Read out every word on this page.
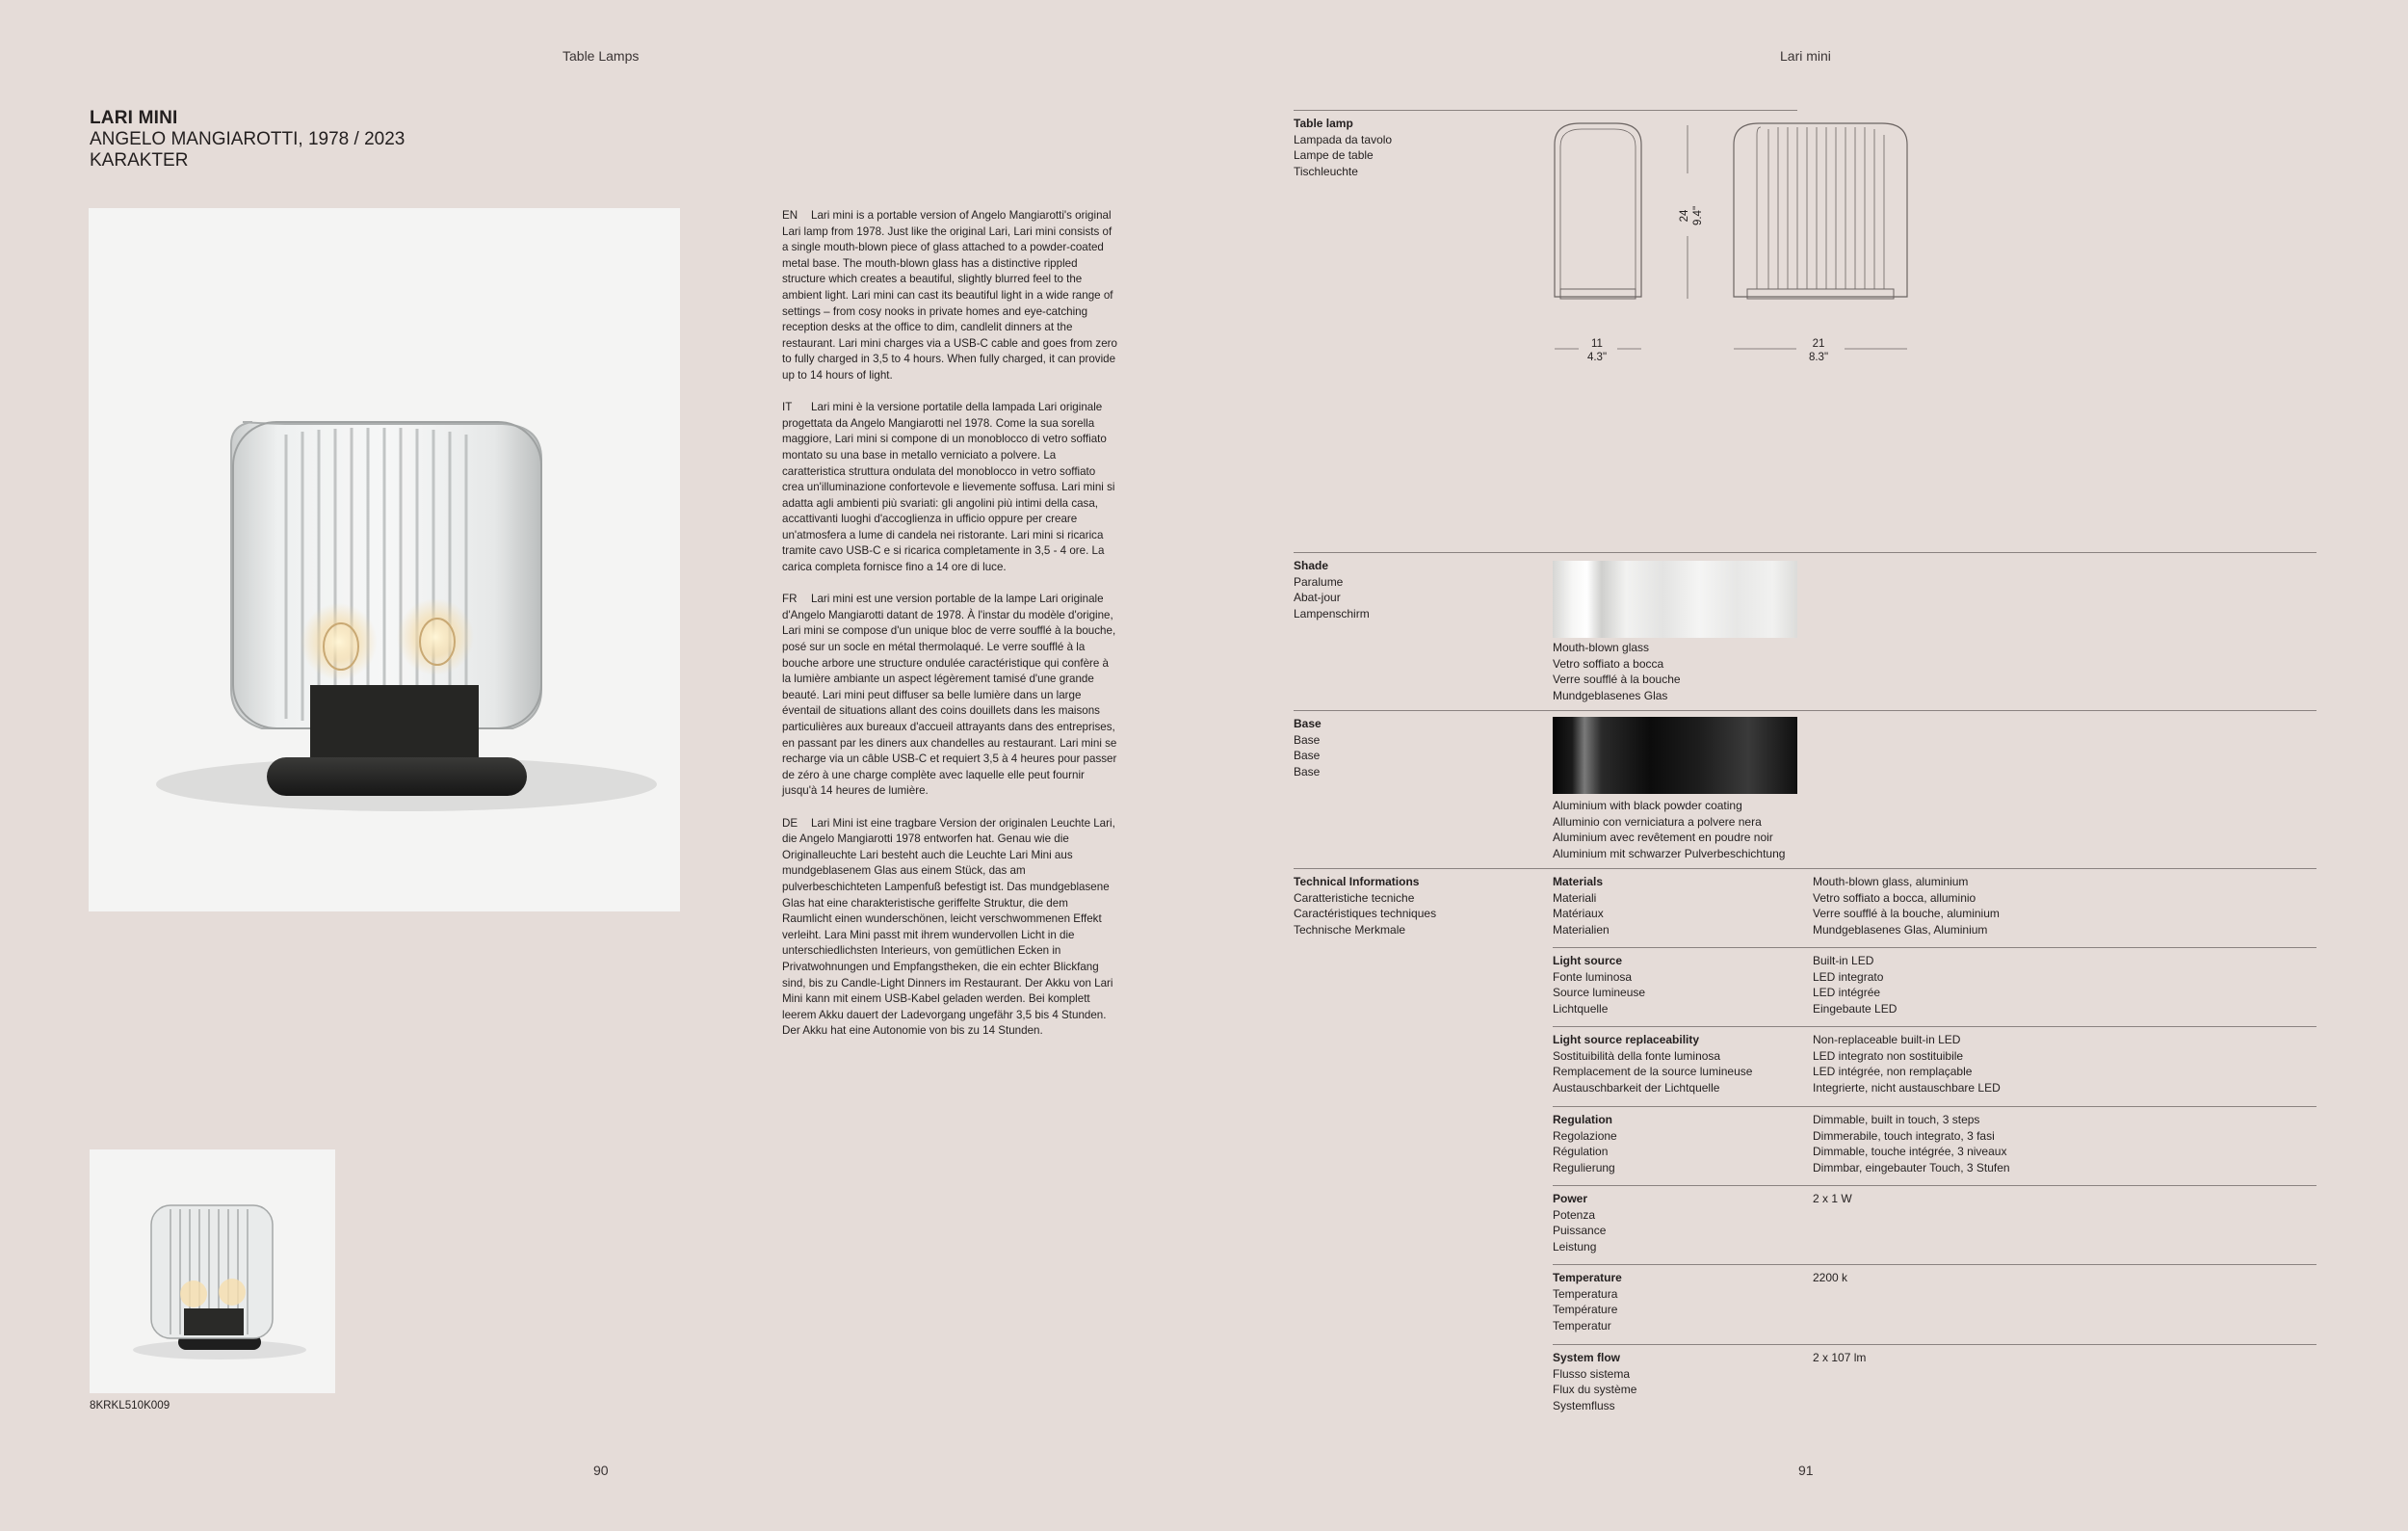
Table Lamps	Lari mini
LARI MINI
ANGELO MANGIAROTTI, 1978 / 2023
KARAKTER
8KRKL510K009

EN Lari mini is a portable version of Angelo Mangiarotti's original Lari lamp from 1978. Just like the original Lari, Lari mini consists of a single mouth-blown piece of glass attached to a powder-coated metal base. The mouth-blown glass has a distinctive rippled structure which creates a beautiful, slightly blurred feel to the ambient light. Lari mini can cast its beautiful light in a wide range of settings – from cosy nooks in private homes and eye-catching reception desks at the office to dim, candlelit dinners at the restaurant. Lari mini charges via a USB-C cable and goes from zero to fully charged in 3,5 to 4 hours. When fully charged, it can provide up to 14 hours of light.

IT Lari mini è la versione portatile della lampada Lari originale progettata da Angelo Mangiarotti nel 1978. Come la sua sorella maggiore, Lari mini si compone di un monoblocco di vetro soffiato montato su una base in metallo verniciato a polvere. La caratteristica struttura ondulata del monoblocco in vetro soffiato crea un'illuminazione confortevole e lievemente soffusa. Lari mini si adatta agli ambienti più svariati: gli angolini più intimi della casa, accattivanti luoghi d'accoglienza in ufficio oppure per creare un'atmosfera a lume di candela nei ristorante. Lari mini si ricarica tramite cavo USB-C e si ricarica completamente in 3,5 - 4 ore. La carica completa fornisce fino a 14 ore di luce.

FR Lari mini est une version portable de la lampe Lari originale d'Angelo Mangiarotti datant de 1978. À l'instar du modèle d'origine, Lari mini se compose d'un unique bloc de verre soufflé à la bouche, posé sur un socle en métal thermolaqué. Le verre soufflé à la bouche arbore une structure ondulée caractéristique qui confère à la lumière ambiante un aspect légèrement tamisé d'une grande beauté. Lari mini peut diffuser sa belle lumière dans un large éventail de situations allant des coins douillets dans les maisons particulières aux bureaux d'accueil attrayants dans des entreprises, en passant par les diners aux chandelles au restaurant. Lari mini se recharge via un câble USB-C et requiert 3,5 à 4 heures pour passer de zéro à une charge complète avec laquelle elle peut fournir jusqu'à 14 heures de lumière.

DE Lari Mini ist eine tragbare Version der originalen Leuchte Lari, die Angelo Mangiarotti 1978 entworfen hat. Genau wie die Originalleuchte Lari besteht auch die Leuchte Lari Mini aus mundgeblasenem Glas aus einem Stück, das am pulverbeschichteten Lampenfuß befestigt ist. Das mundgeblasene Glas hat eine charakteristische geriffelte Struktur, die dem Raumlicht einen wunderschönen, leicht verschwommenen Effekt verleiht. Lara Mini passt mit ihrem wundervollen Licht in die unterschiedlichsten Interieurs, von gemütlichen Ecken in Privatwohnungen und Empfangstheken, die ein echter Blickfang sind, bis zu Candle-Light Dinners im Restaurant. Der Akku von Lari Mini kann mit einem USB-Kabel geladen werden. Bei komplett leerem Akku dauert der Ladevorgang ungefähr 3,5 bis 4 Stunden. Der Akku hat eine Autonomie von bis zu 14 Stunden.

Table lamp
Lampada da tavolo
Lampe de table
Tischleuchte
24 9.4"
11
4.3"
21
8.3"
Shade
Paralume
Abat-jour
Lampenschirm
Mouth-blown glass
Vetro soffiato a bocca
Verre soufflé à la bouche
Mundgeblasenes Glas
Base
Base
Base
Base
Aluminium with black powder coating
Alluminio con verniciatura a polvere nera
Aluminium avec revêtement en poudre noir
Aluminium mit schwarzer Pulverbeschichtung
Technical Informations
Caratteristiche tecniche
Caractéristiques techniques
Technische Merkmale
Materials
Materiali
Matériaux
Materialien
Mouth-blown glass, aluminium
Vetro soffiato a bocca, alluminio
Verre soufflé à la bouche, aluminium
Mundgeblasenes Glas, Aluminium
Light source
Fonte luminosa
Source lumineuse
Lichtquelle
Built-in LED
LED integrato
LED intégrée
Eingebaute LED
Light source replaceability
Sostituibilità della fonte luminosa
Remplacement de la source lumineuse
Austauschbarkeit der Lichtquelle
Non-replaceable built-in LED
LED integrato non sostituibile
LED intégrée, non remplaçable
Integrierte, nicht austauschbare LED
Regulation
Regolazione
Régulation
Regulierung
Dimmable, built in touch, 3 steps
Dimmerabile, touch integrato, 3 fasi
Dimmable, touche intégrée, 3 niveaux
Dimmbar, eingebauter Touch, 3 Stufen
Power
Potenza
Puissance
Leistung
2 x 1 W
Temperature
Temperatura
Température
Temperatur
2200 k
System flow
Flusso sistema
Flux du système
Systemfluss
2 x 107 lm
90	91
